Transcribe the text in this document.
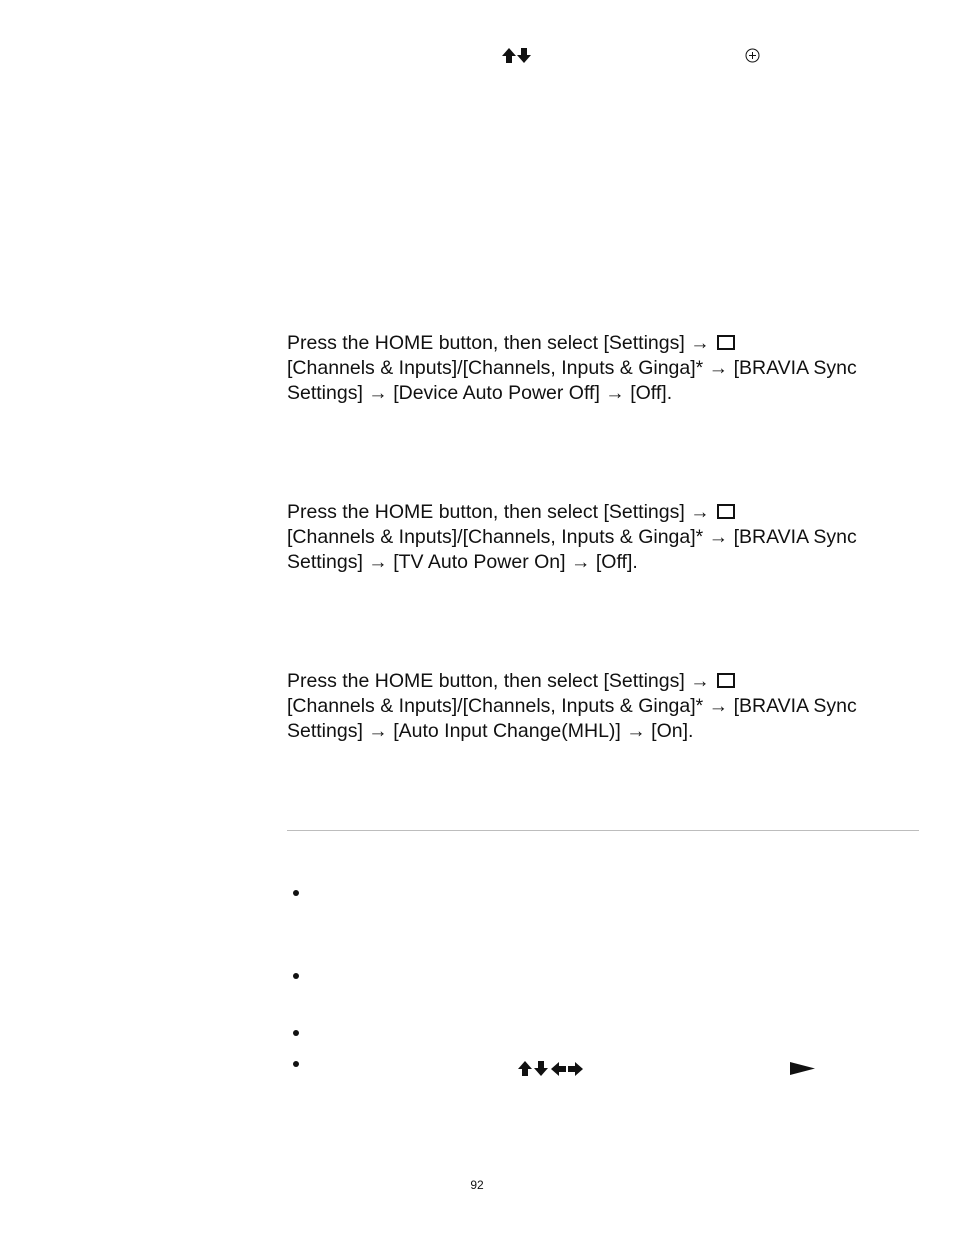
Press the HOME button, then select [Settings] →
[Channels & Inputs]/[Channels, Inputs & Ginga]* → [BRAVIA Sync
Settings] → [Device Auto Power Off] → [Off].

Press the HOME button, then select [Settings] →
[Channels & Inputs]/[Channels, Inputs & Ginga]* → [BRAVIA Sync
Settings] → [TV Auto Power On] → [Off].

Press the HOME button, then select [Settings] →
[Channels & Inputs]/[Channels, Inputs & Ginga]* → [BRAVIA Sync
Settings] → [Auto Input Change(MHL)] → [On].

92
